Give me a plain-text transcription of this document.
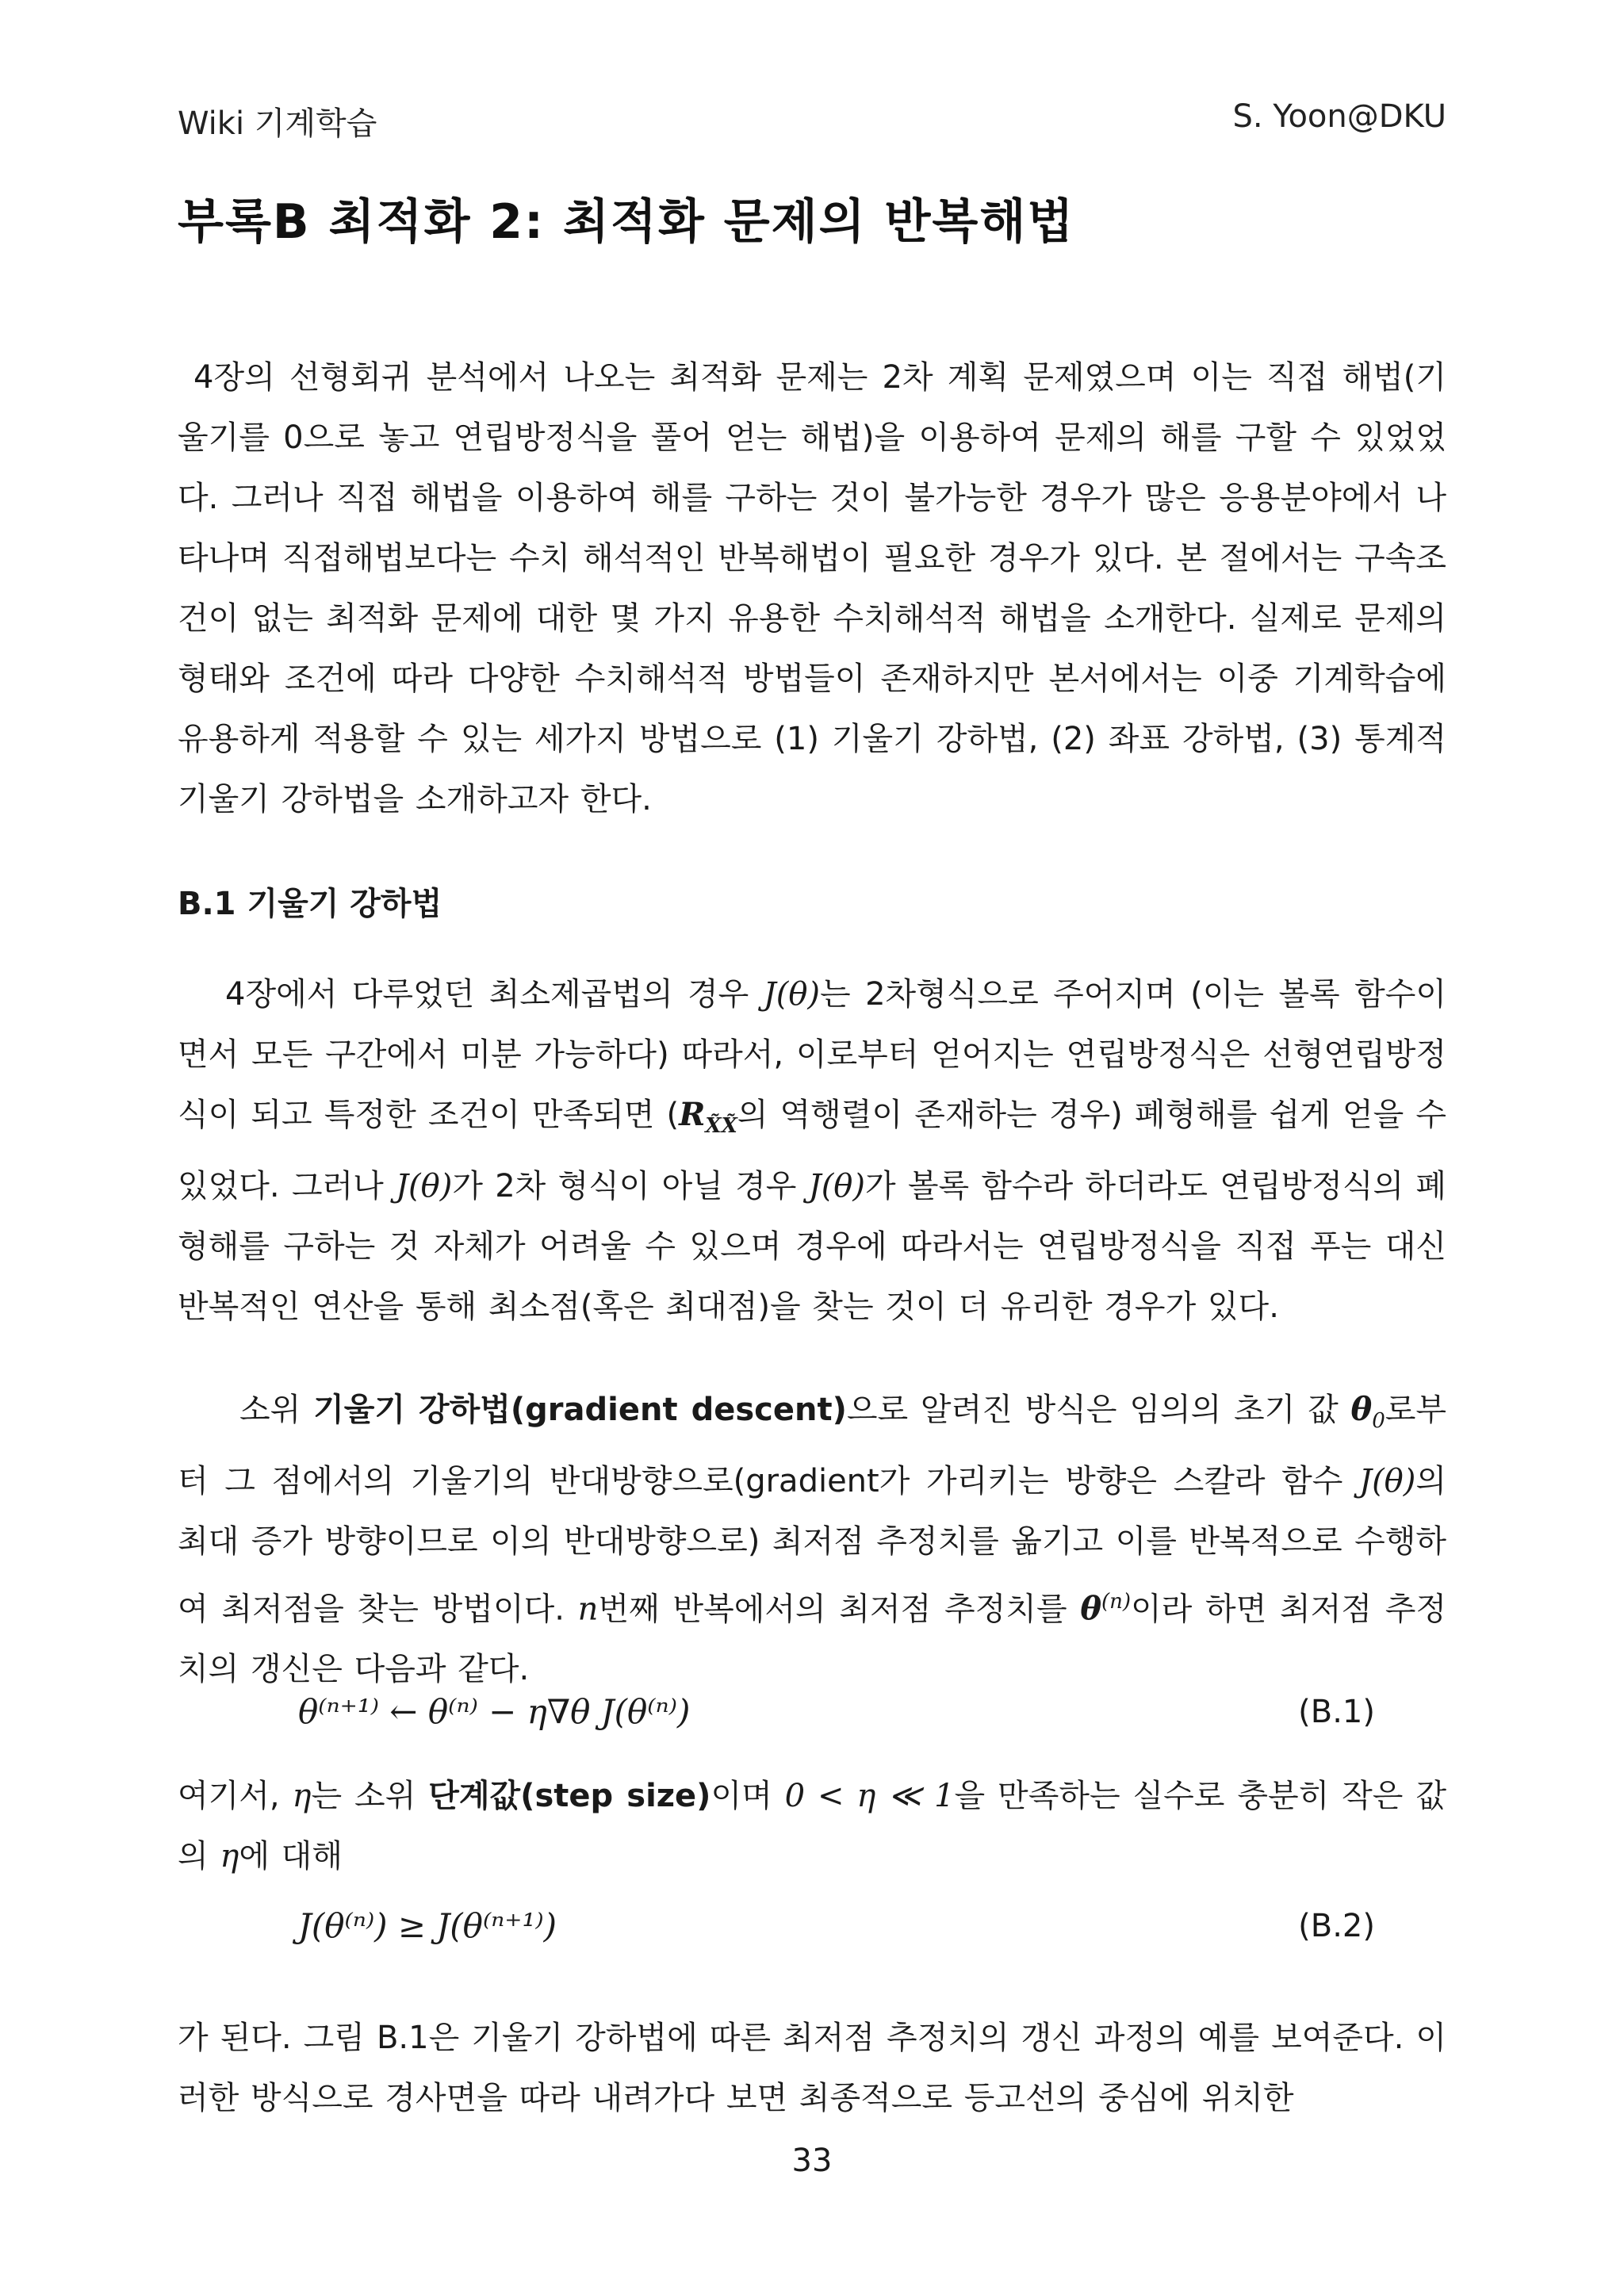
Wiki 기계학습	S. Yoon@DKU
부록B 최적화 2: 최적화 문제의 반복해법

4장의 선형회귀 분석에서 나오는 최적화 문제는 2차 계획 문제였으며 이는 직접 해법(기울기를 0으로 놓고 연립방정식을 풀어 얻는 해법)을 이용하여 문제의 해를 구할 수 있었었다. 그러나 직접 해법을 이용하여 해를 구하는 것이 불가능한 경우가 많은 응용분야에서 나타나며 직접해법보다는 수치 해석적인 반복해법이 필요한 경우가 있다. 본 절에서는 구속조건이 없는 최적화 문제에 대한 몇 가지 유용한 수치해석적 해법을 소개한다. 실제로 문제의 형태와 조건에 따라 다양한 수치해석적 방법들이 존재하지만 본서에서는 이중 기계학습에 유용하게 적용할 수 있는 세가지 방법으로 (1) 기울기 강하법, (2) 좌표 강하법, (3) 통계적 기울기 강하법을 소개하고자 한다.

B.1 기울기 강하법

4장에서 다루었던 최소제곱법의 경우 J(θ)는 2차형식으로 주어지며 (이는 볼록 함수이면서 모든 구간에서 미분 가능하다) 따라서, 이로부터 얻어지는 연립방정식은 선형연립방정식이 되고 특정한 조건이 만족되면 ($R_{X̃X̃}$의 역행렬이 존재하는 경우) 폐형해를 쉽게 얻을 수 있었다. 그러나 J(θ)가 2차 형식이 아닐 경우 J(θ)가 볼록 함수라 하더라도 연립방정식의 폐형해를 구하는 것 자체가 어려울 수 있으며 경우에 따라서는 연립방정식을 직접 푸는 대신 반복적인 연산을 통해 최소점(혹은 최대점)을 찾는 것이 더 유리한 경우가 있다.

소위 기울기 강하법(gradient descent)으로 알려진 방식은 임의의 초기 값 $\theta_0$로부터 그 점에서의 기울기의 반대방향으로(gradient가 가리키는 방향은 스칼라 함수 J(θ)의 최대 증가 방향이므로 이의 반대방향으로) 최저점 추정치를 옮기고 이를 반복적으로 수행하여 최저점을 찾는 방법이다. n번째 반복에서의 최저점 추정치를 $\theta^{(n)}$이라 하면 최저점 추정치의 갱신은 다음과 같다.

θ⁽ⁿ⁺¹⁾ ← θ⁽ⁿ⁾ − η∇θ J(θ⁽ⁿ⁾)	(B.1)

여기서, η는 소위 단계값(step size)이며 0 < η ≪ 1을 만족하는 실수로 충분히 작은 값의 η에 대해

J(θ⁽ⁿ⁾) ≥ J(θ⁽ⁿ⁺¹⁾)	(B.2)

가 된다. 그림 B.1은 기울기 강하법에 따른 최저점 추정치의 갱신 과정의 예를 보여준다. 이러한 방식으로 경사면을 따라 내려가다 보면 최종적으로 등고선의 중심에 위치한

33
